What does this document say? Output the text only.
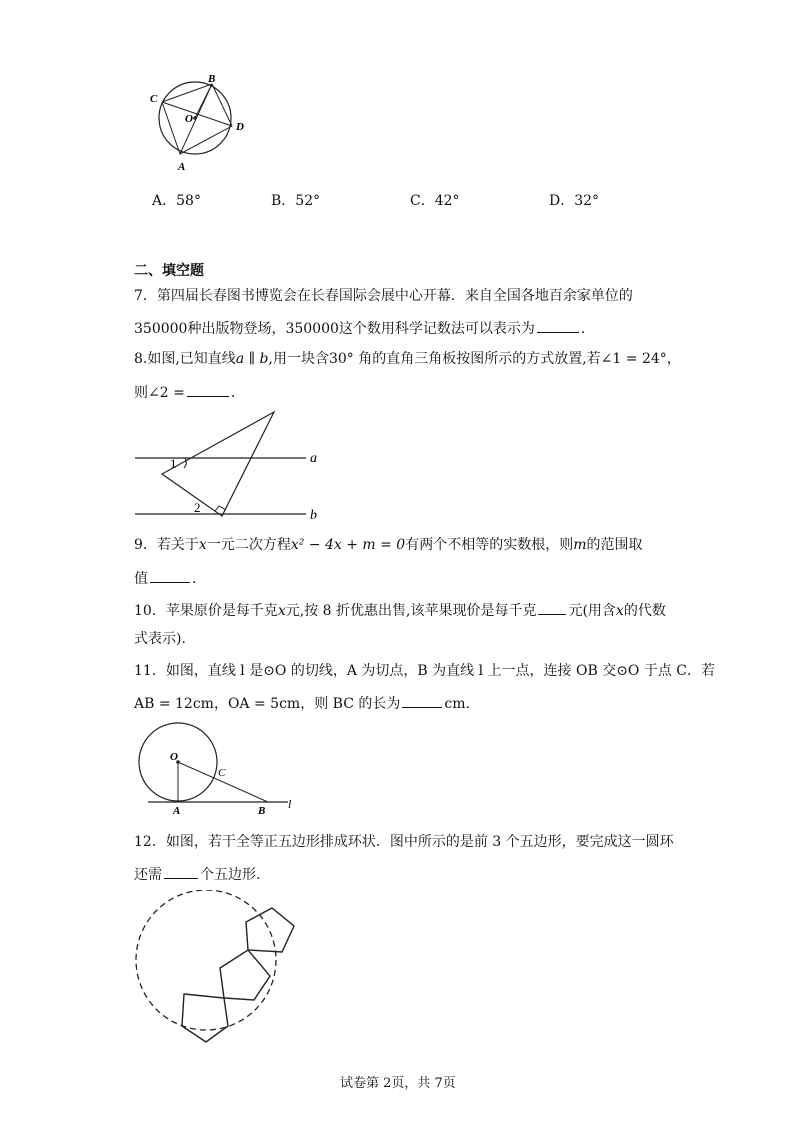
B
C
O
D
A
A．58°	B．52°	C．42°	D．32°
二、填空题
7．第四届长春图书博览会在长春国际会展中心开幕．来自全国各地百余家单位的
350000种出版物登场，350000这个数用科学记数法可以表示为	．
8.如图,已知直线a ∥ b,用一块含30° 角的直角三角板按图所示的方式放置,若∠1 = 24°，
则∠2 =	．
1
2
a
b
9．若关于x一元二次方程x² − 4x + m = 0有两个不相等的实数根，则m的范围取
值	．
10．苹果原价是每千克x元,按 8 折优惠出售,该苹果现价是每千克 元(用含x的代数
式表示).
11．如图，直线 l 是⊙O 的切线，A 为切点，B 为直线 l 上一点，连接 OB 交⊙O 于点 C．若
AB = 12cm，OA = 5cm，则 BC 的长为	cm.
O
C
A	B l
12．如图，若干全等正五边形排成环状．图中所示的是前 3 个五边形，要完成这一圆环
还需	个五边形.
试卷第 2页，共 7页
